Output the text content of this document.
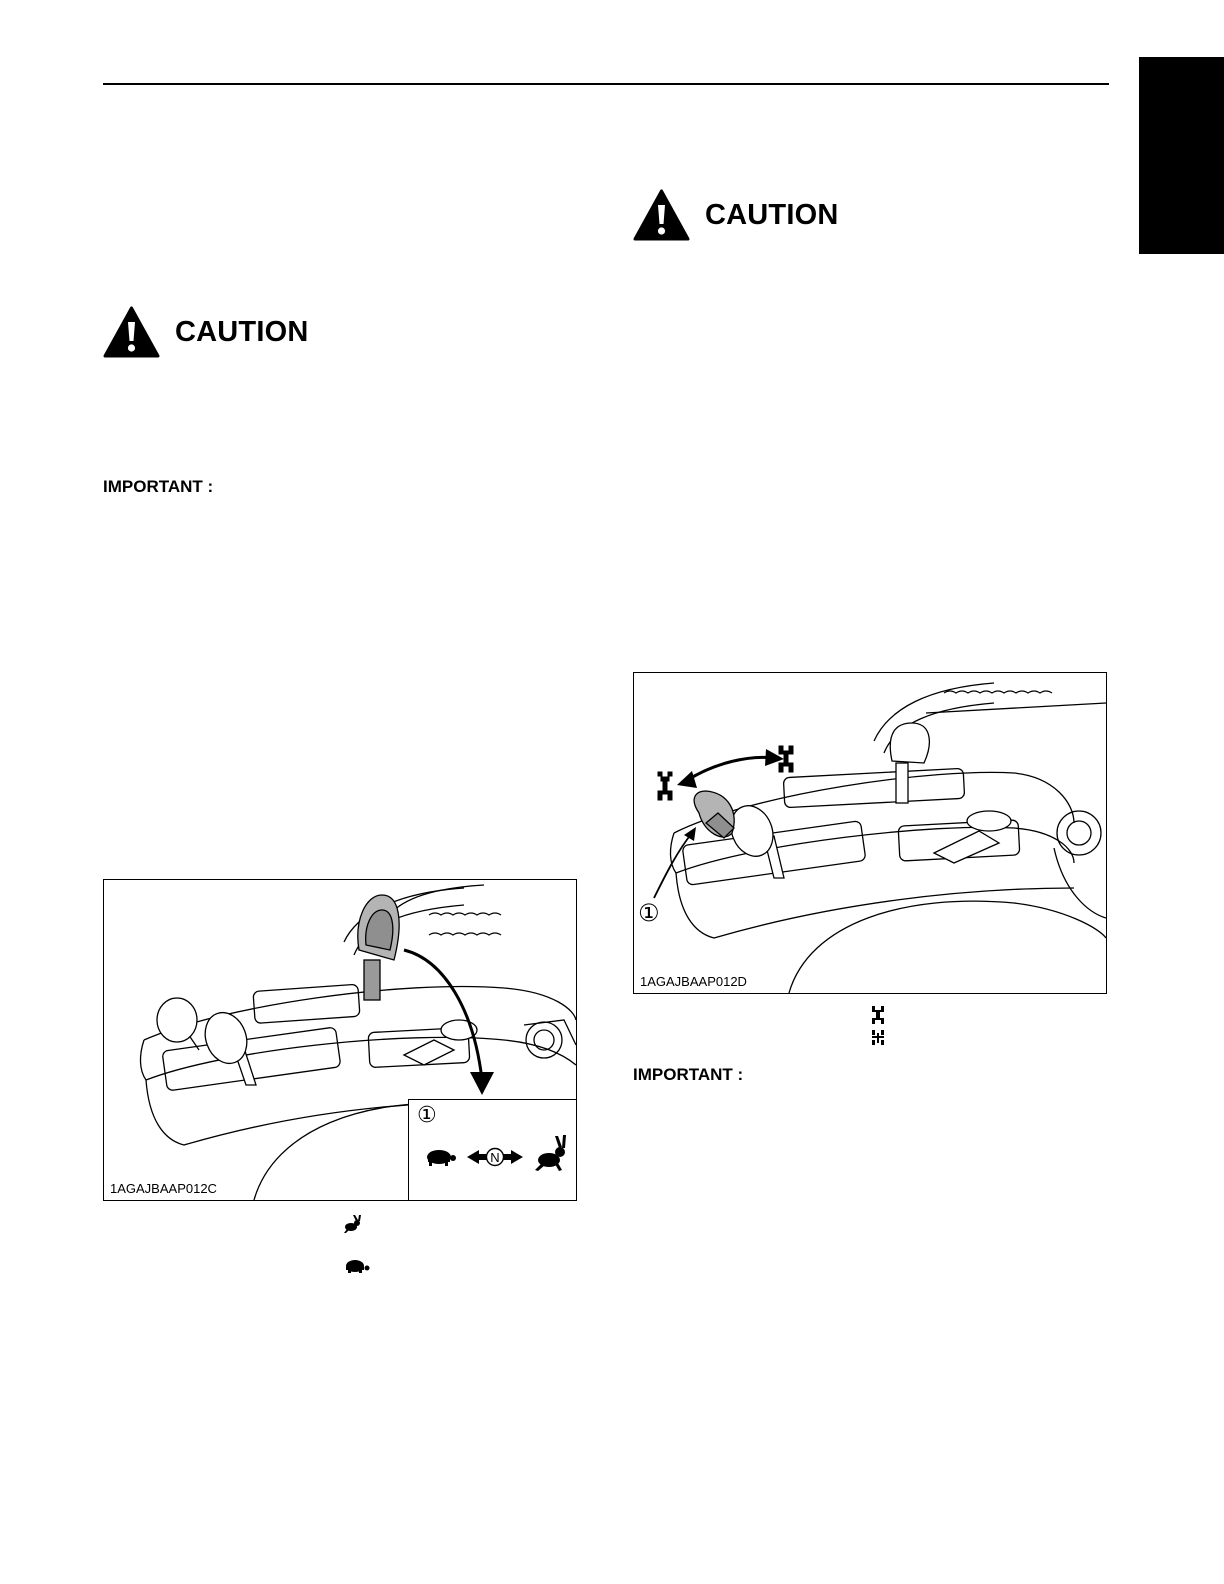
CAUTION
IMPORTANT :
1AGAJBAAP012C
①
N
CAUTION
①
1AGAJBAAP012D
IMPORTANT :
